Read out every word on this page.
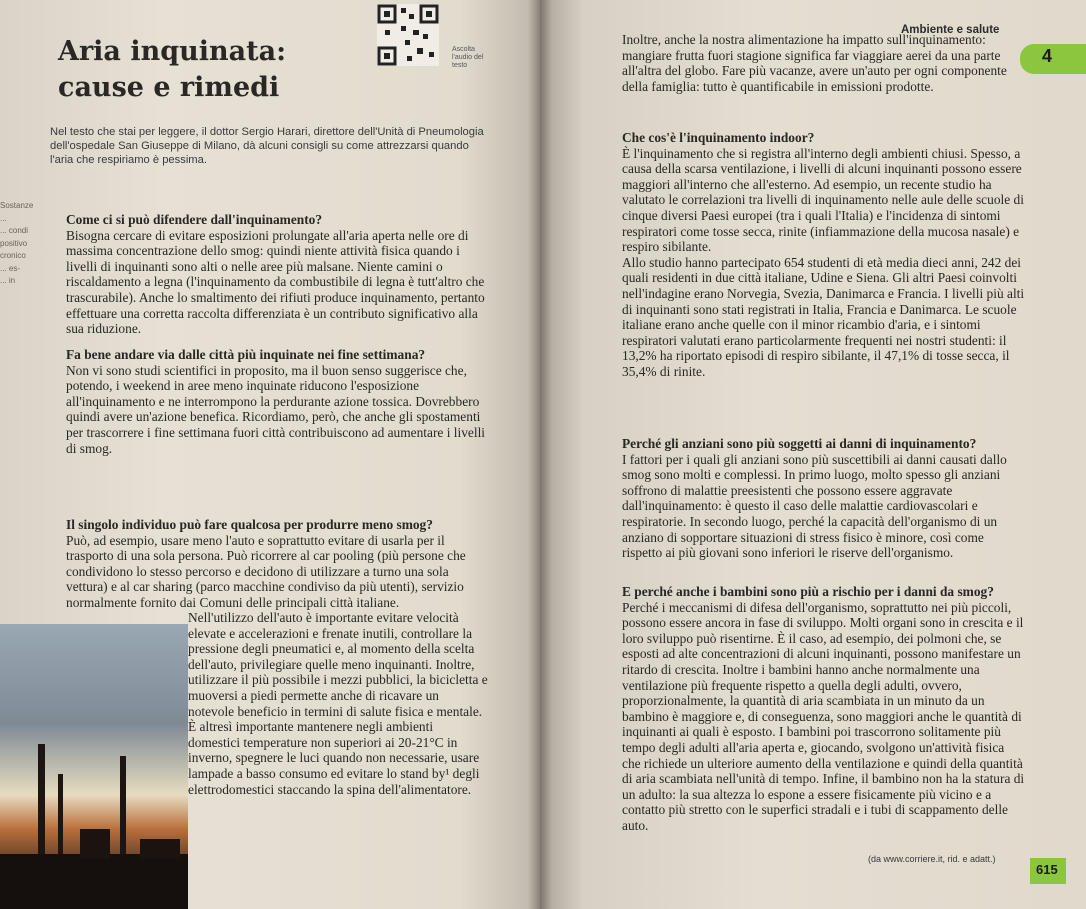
Sostanze
...
... condi
positivo
cronico
... es-
... in
Aria inquinata:
cause e rimedi
Ascolta l'audio del testo
Nel testo che stai per leggere, il dottor Sergio Harari, direttore dell'Unità di Pneumologia dell'ospedale San Giuseppe di Milano, dà alcuni consigli su come attrezzarsi quando l'aria che respiriamo è pessima.

Come ci si può difendere dall'inquinamento?

Bisogna cercare di evitare esposizioni prolungate all'aria aperta nelle ore di massima concentrazione dello smog: quindi niente attività fisica quando i livelli di inquinanti sono alti o nelle aree più malsane. Niente camini o riscaldamento a legna (l'inquinamento da combustibile di legna è tutt'altro che trascurabile). Anche lo smaltimento dei rifiuti produce inquinamento, pertanto effettuare una corretta raccolta differenziata è un contributo significativo alla sua riduzione.

Fa bene andare via dalle città più inquinate nei fine settimana?

Non vi sono studi scientifici in proposito, ma il buon senso suggerisce che, potendo, i weekend in aree meno inquinate riducono l'esposizione all'inquinamento e ne interrompono la perdurante azione tossica. Dovrebbero quindi avere un'azione benefica. Ricordiamo, però, che anche gli spostamenti per trascorrere i fine settimana fuori città contribuiscono ad aumentare i livelli di smog.

Il singolo individuo può fare qualcosa per produrre meno smog?

Può, ad esempio, usare meno l'auto e soprattutto evitare di usarla per il trasporto di una sola persona. Può ricorrere al car pooling (più persone che condividono lo stesso percorso e decidono di utilizzare a turno una sola vettura) e al car sharing (parco macchine condiviso da più utenti), servizio normalmente fornito dai Comuni delle principali città italiane.

Nell'utilizzo dell'auto è importante evitare velocità elevate e accelerazioni e frenate inutili, controllare la pressione degli pneumatici e, al momento della scelta dell'auto, privilegiare quelle meno inquinanti. Inoltre, utilizzare il più possibile i mezzi pubblici, la bicicletta e muoversi a piedi permette anche di ricavare un notevole beneficio in termini di salute fisica e mentale.

È altresì importante mantenere negli ambienti domestici temperature non superiori ai 20-21°C in inverno, spegnere le luci quando non necessarie, usare lampade a basso consumo ed evitare lo stand by¹ degli elettrodomestici staccando la spina dell'alimentatore.

Ambiente e salute
4

Inoltre, anche la nostra alimentazione ha impatto sull'inquinamento: mangiare frutta fuori stagione significa far viaggiare aerei da una parte all'altra del globo. Fare più vacanze, avere un'auto per ogni componente della famiglia: tutto è quantificabile in emissioni prodotte.

Che cos'è l'inquinamento indoor?

È l'inquinamento che si registra all'interno degli ambienti chiusi. Spesso, a causa della scarsa ventilazione, i livelli di alcuni inquinanti possono essere maggiori all'interno che all'esterno. Ad esempio, un recente studio ha valutato le correlazioni tra livelli di inquinamento nelle aule delle scuole di cinque diversi Paesi europei (tra i quali l'Italia) e l'incidenza di sintomi respiratori come tosse secca, rinite (infiammazione della mucosa nasale) e respiro sibilante.

Allo studio hanno partecipato 654 studenti di età media dieci anni, 242 dei quali residenti in due città italiane, Udine e Siena. Gli altri Paesi coinvolti nell'indagine erano Norvegia, Svezia, Danimarca e Francia. I livelli più alti di inquinanti sono stati registrati in Italia, Francia e Danimarca. Le scuole italiane erano anche quelle con il minor ricambio d'aria, e i sintomi respiratori valutati erano particolarmente frequenti nei nostri studenti: il 13,2% ha riportato episodi di respiro sibilante, il 47,1% di tosse secca, il 35,4% di rinite.

Perché gli anziani sono più soggetti ai danni di inquinamento?

I fattori per i quali gli anziani sono più suscettibili ai danni causati dallo smog sono molti e complessi. In primo luogo, molto spesso gli anziani soffrono di malattie preesistenti che possono essere aggravate dall'inquinamento: è questo il caso delle malattie cardiovascolari e respiratorie. In secondo luogo, perché la capacità dell'organismo di un anziano di sopportare situazioni di stress fisico è minore, così come rispetto ai più giovani sono inferiori le riserve dell'organismo.

E perché anche i bambini sono più a rischio per i danni da smog?

Perché i meccanismi di difesa dell'organismo, soprattutto nei più piccoli, possono essere ancora in fase di sviluppo. Molti organi sono in crescita e il loro sviluppo può risentirne. È il caso, ad esempio, dei polmoni che, se esposti ad alte concentrazioni di alcuni inquinanti, possono manifestare un ritardo di crescita. Inoltre i bambini hanno anche normalmente una ventilazione più frequente rispetto a quella degli adulti, ovvero, proporzionalmente, la quantità di aria scambiata in un minuto da un bambino è maggiore e, di conseguenza, sono maggiori anche le quantità di inquinanti ai quali è esposto. I bambini poi trascorrono solitamente più tempo degli adulti all'aria aperta e, giocando, svolgono un'attività fisica che richiede un ulteriore aumento della ventilazione e quindi della quantità di aria scambiata nell'unità di tempo. Infine, il bambino non ha la statura di un adulto: la sua altezza lo espone a essere fisicamente più vicino e a contatto più stretto con le superfici stradali e i tubi di scappamento delle auto.

(da www.corriere.it, rid. e adatt.)
615
